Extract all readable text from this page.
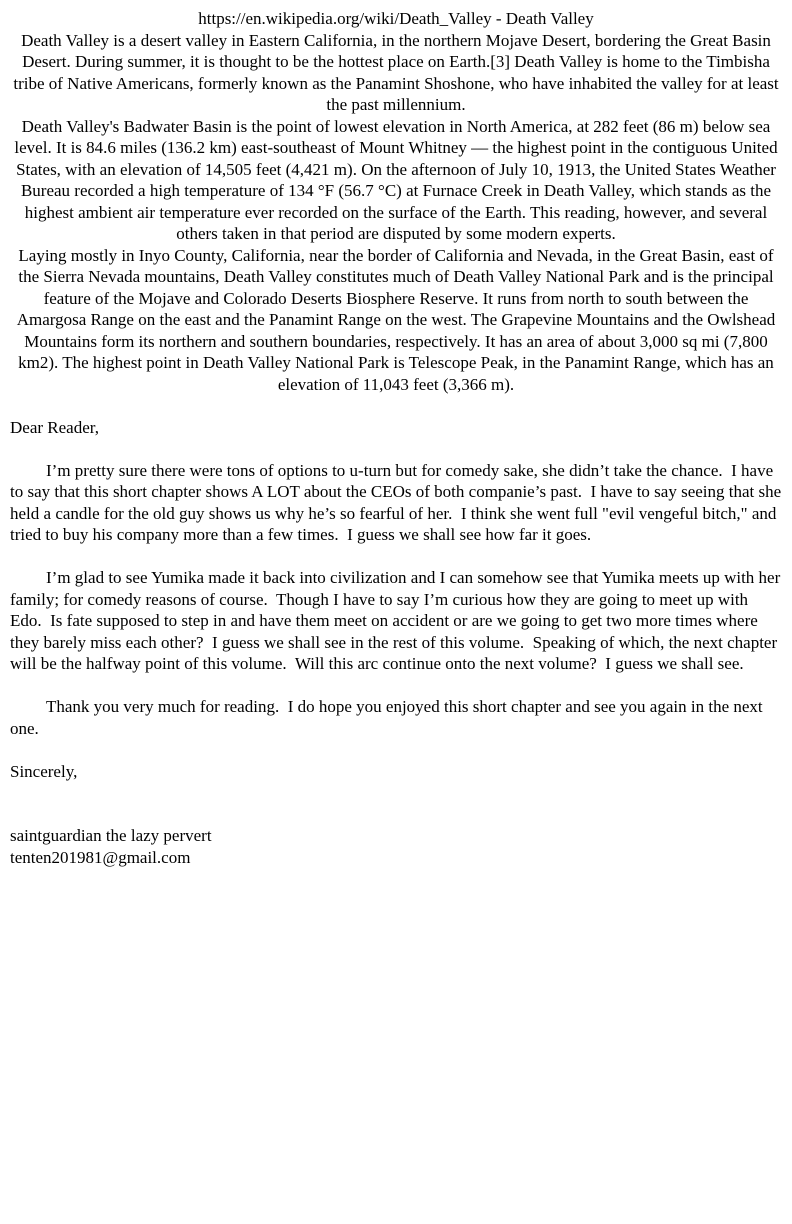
https://en.wikipedia.org/wiki/Death_Valley - Death Valley

Death Valley is a desert valley in Eastern California, in the northern Mojave Desert, bordering the Great Basin Desert. During summer, it is thought to be the hottest place on Earth.[3] Death Valley is home to the Timbisha tribe of Native Americans, formerly known as the Panamint Shoshone, who have inhabited the valley for at least the past millennium.

Death Valley's Badwater Basin is the point of lowest elevation in North America, at 282 feet (86 m) below sea level. It is 84.6 miles (136.2 km) east-southeast of Mount Whitney — the highest point in the contiguous United States, with an elevation of 14,505 feet (4,421 m). On the afternoon of July 10, 1913, the United States Weather Bureau recorded a high temperature of 134 °F (56.7 °C) at Furnace Creek in Death Valley, which stands as the highest ambient air temperature ever recorded on the surface of the Earth. This reading, however, and several others taken in that period are disputed by some modern experts.

Laying mostly in Inyo County, California, near the border of California and Nevada, in the Great Basin, east of the Sierra Nevada mountains, Death Valley constitutes much of Death Valley National Park and is the principal feature of the Mojave and Colorado Deserts Biosphere Reserve. It runs from north to south between the Amargosa Range on the east and the Panamint Range on the west. The Grapevine Mountains and the Owlshead Mountains form its northern and southern boundaries, respectively. It has an area of about 3,000 sq mi (7,800 km2). The highest point in Death Valley National Park is Telescope Peak, in the Panamint Range, which has an elevation of 11,043 feet (3,366 m).

Dear Reader,

I’m pretty sure there were tons of options to u-turn but for comedy sake, she didn’t take the chance.  I have to say that this short chapter shows A LOT about the CEOs of both companie’s past.  I have to say seeing that she held a candle for the old guy shows us why he’s so fearful of her.  I think she went full "evil vengeful bitch," and tried to buy his company more than a few times.  I guess we shall see how far it goes.

I’m glad to see Yumika made it back into civilization and I can somehow see that Yumika meets up with her family; for comedy reasons of course.  Though I have to say I’m curious how they are going to meet up with Edo.  Is fate supposed to step in and have them meet on accident or are we going to get two more times where they barely miss each other?  I guess we shall see in the rest of this volume.  Speaking of which, the next chapter will be the halfway point of this volume.  Will this arc continue onto the next volume?  I guess we shall see.

Thank you very much for reading.  I do hope you enjoyed this short chapter and see you again in the next one.

Sincerely,

saintguardian the lazy pervert

tenten201981@gmail.com
